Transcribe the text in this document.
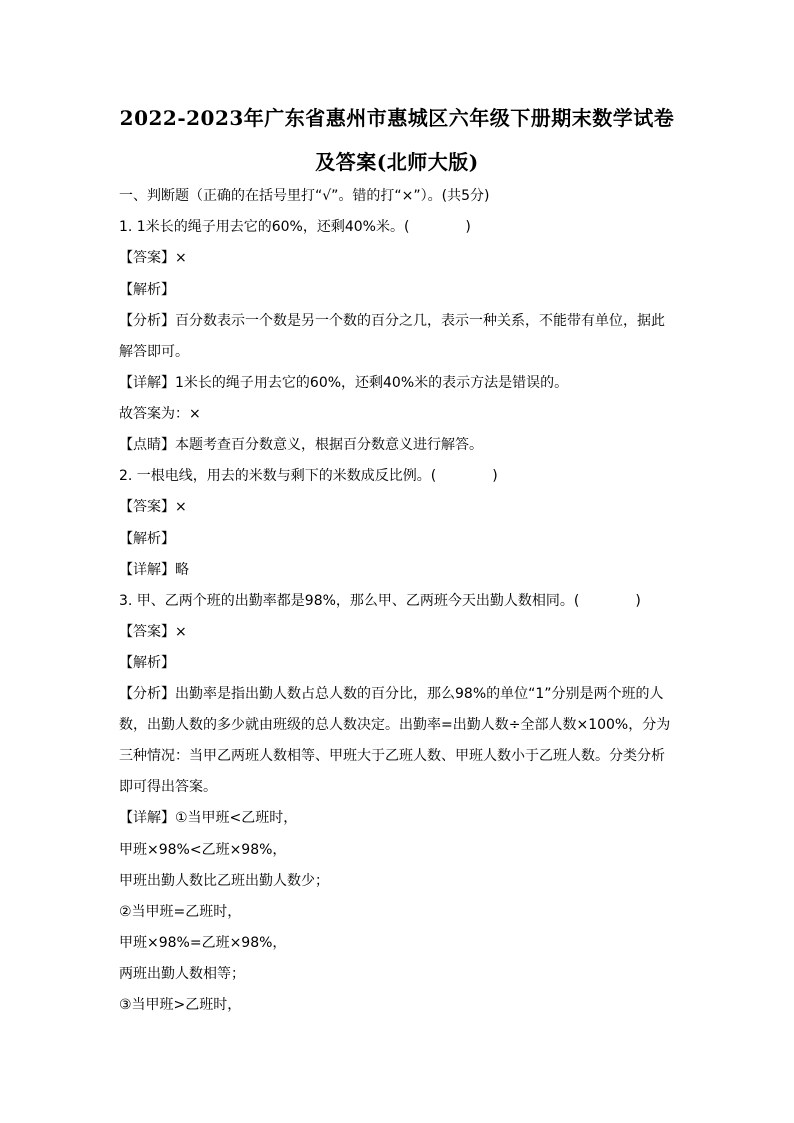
2022-2023年广东省惠州市惠城区六年级下册期末数学试卷
及答案(北师大版)
一、判断题（正确的在括号里打“√”。错的打“×”）。(共5分)
1. 1米长的绳子用去它的60%，还剩40%米。(　　　　)
【答案】×
【解析】
【分析】百分数表示一个数是另一个数的百分之几，表示一种关系，不能带有单位，据此
解答即可。
【详解】1米长的绳子用去它的60%，还剩40%米的表示方法是错误的。
故答案为：×
【点睛】本题考查百分数意义，根据百分数意义进行解答。
2. 一根电线，用去的米数与剩下的米数成反比例。(　　　　)
【答案】×
【解析】
【详解】略
3. 甲、乙两个班的出勤率都是98%，那么甲、乙两班今天出勤人数相同。(　　　　)
【答案】×
【解析】
【分析】出勤率是指出勤人数占总人数的百分比，那么98%的单位“1”分别是两个班的人
数，出勤人数的多少就由班级的总人数决定。出勤率=出勤人数÷全部人数×100%，分为
三种情况：当甲乙两班人数相等、甲班大于乙班人数、甲班人数小于乙班人数。分类分析
即可得出答案。
【详解】①当甲班<乙班时，
甲班×98%<乙班×98%，
甲班出勤人数比乙班出勤人数少；
②当甲班=乙班时，
甲班×98%=乙班×98%，
两班出勤人数相等；
③当甲班>乙班时，
